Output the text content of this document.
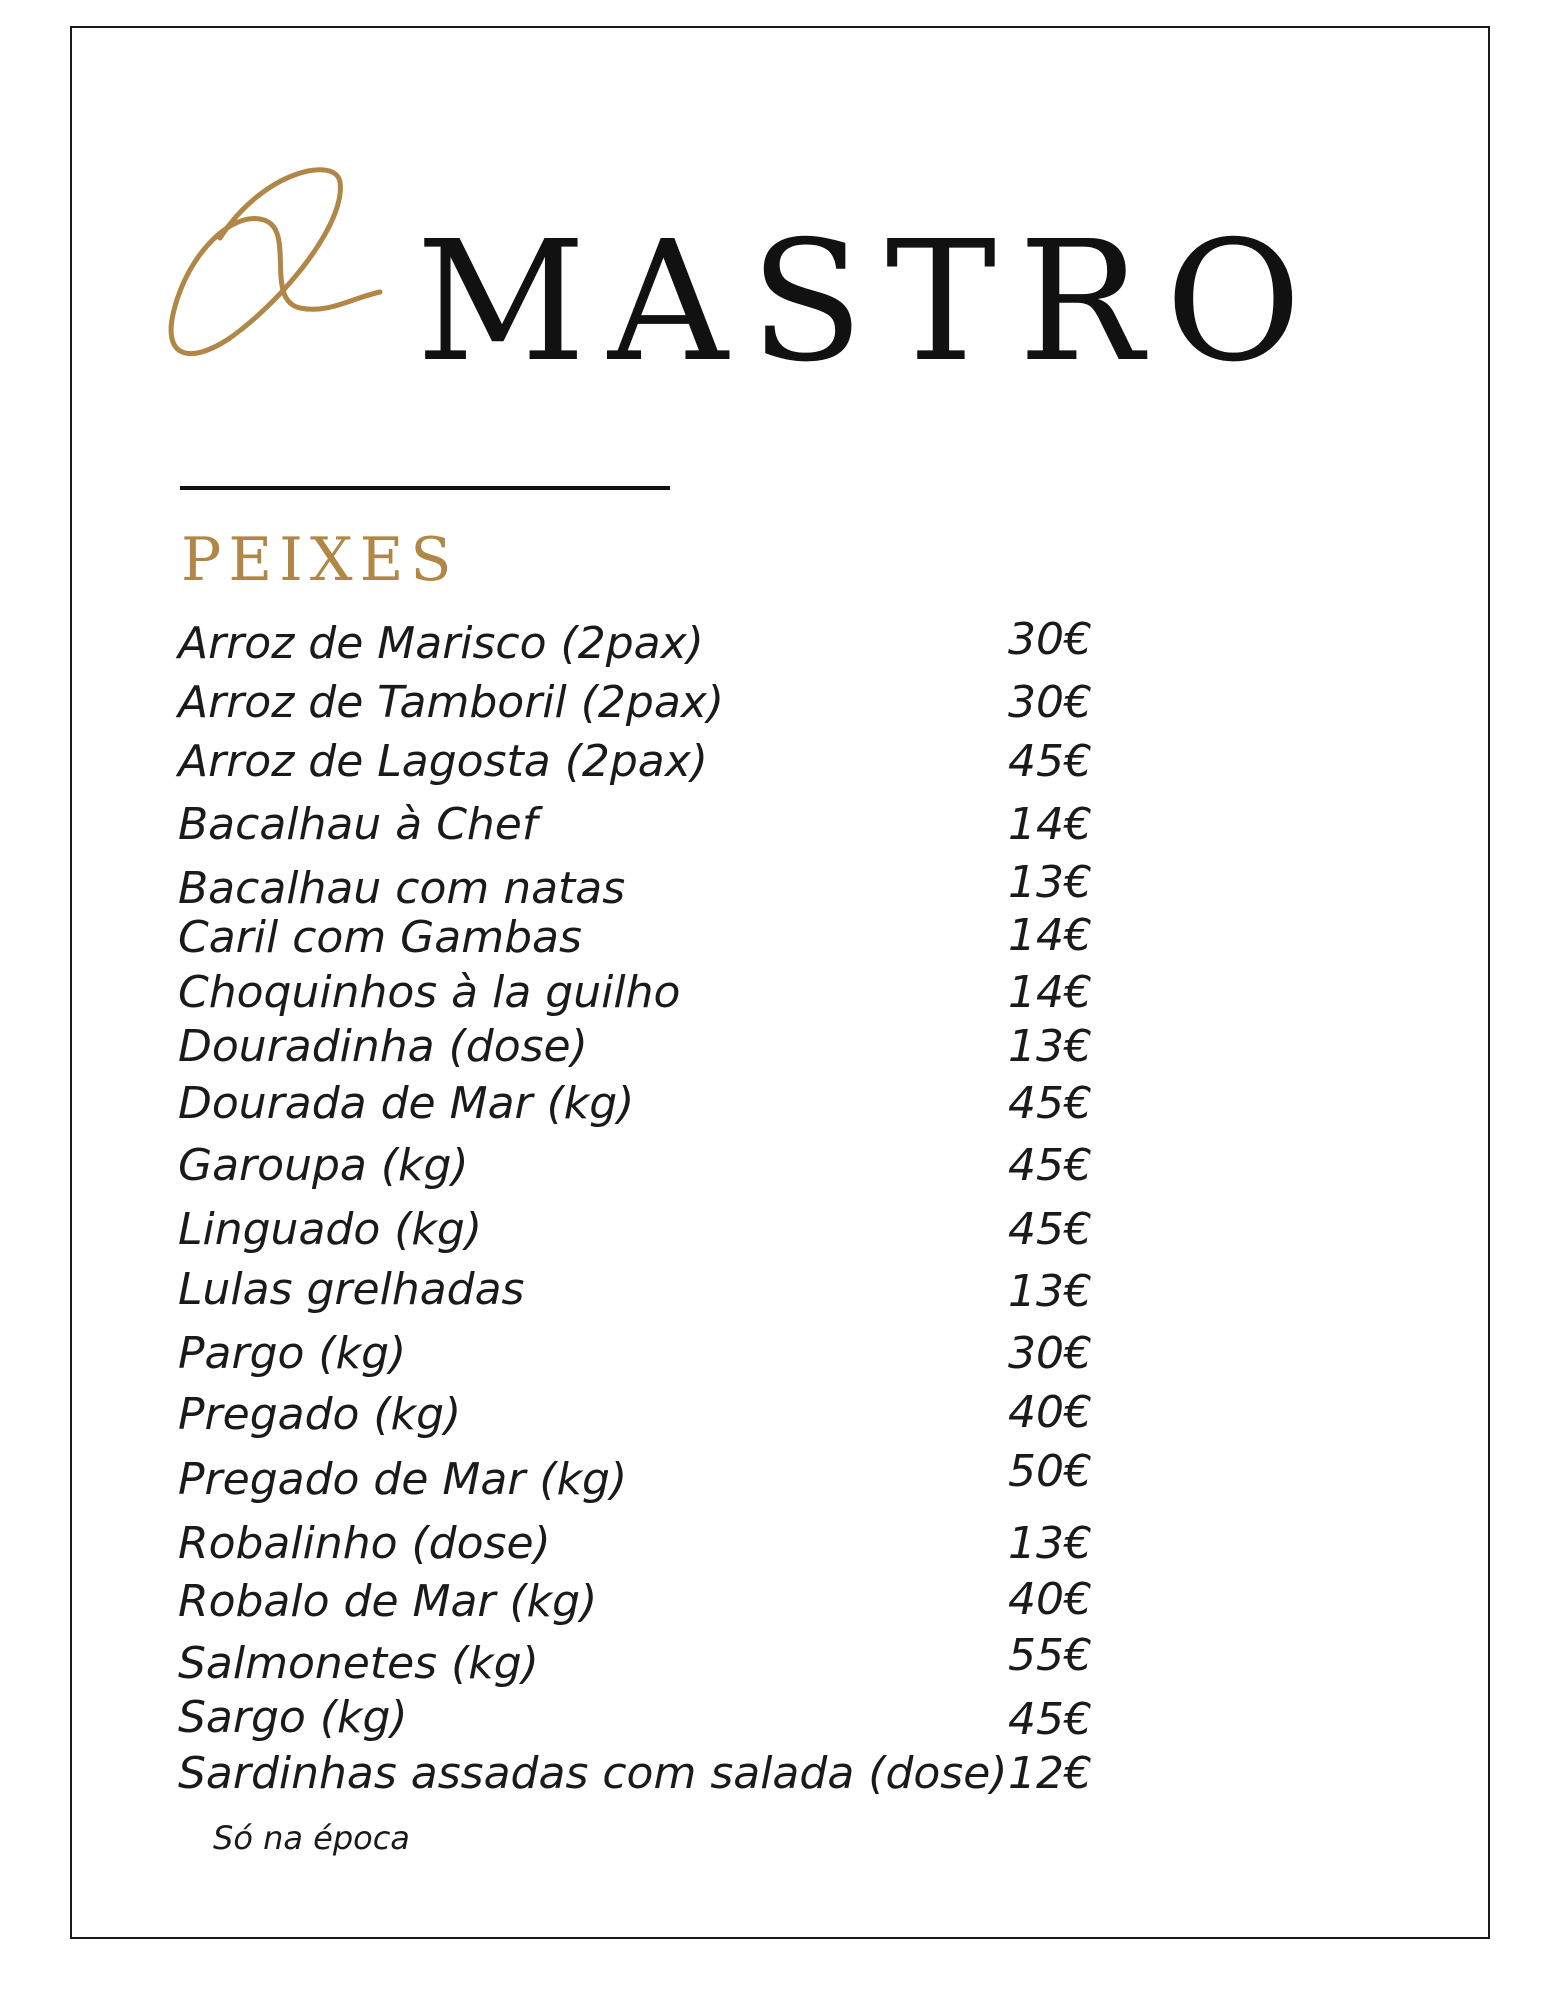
MASTRO
PEIXES
Arroz de Marisco (2pax)	30€
Arroz de Tamboril (2pax)	30€
Arroz de Lagosta (2pax)	45€
Bacalhau à Chef	14€
Bacalhau com natas	13€
Caril com Gambas	14€
Choquinhos à la guilho	14€
Douradinha (dose)	13€
Dourada de Mar (kg)	45€
Garoupa (kg)	45€
Linguado (kg)	45€
Lulas grelhadas	13€
Pargo (kg)	30€
Pregado (kg)	40€
Pregado de Mar (kg)	50€
Robalinho (dose)	13€
Robalo de Mar (kg)	40€
Salmonetes (kg)	55€
Sargo (kg)	45€
Sardinhas assadas com salada (dose) 12€
Só na época
